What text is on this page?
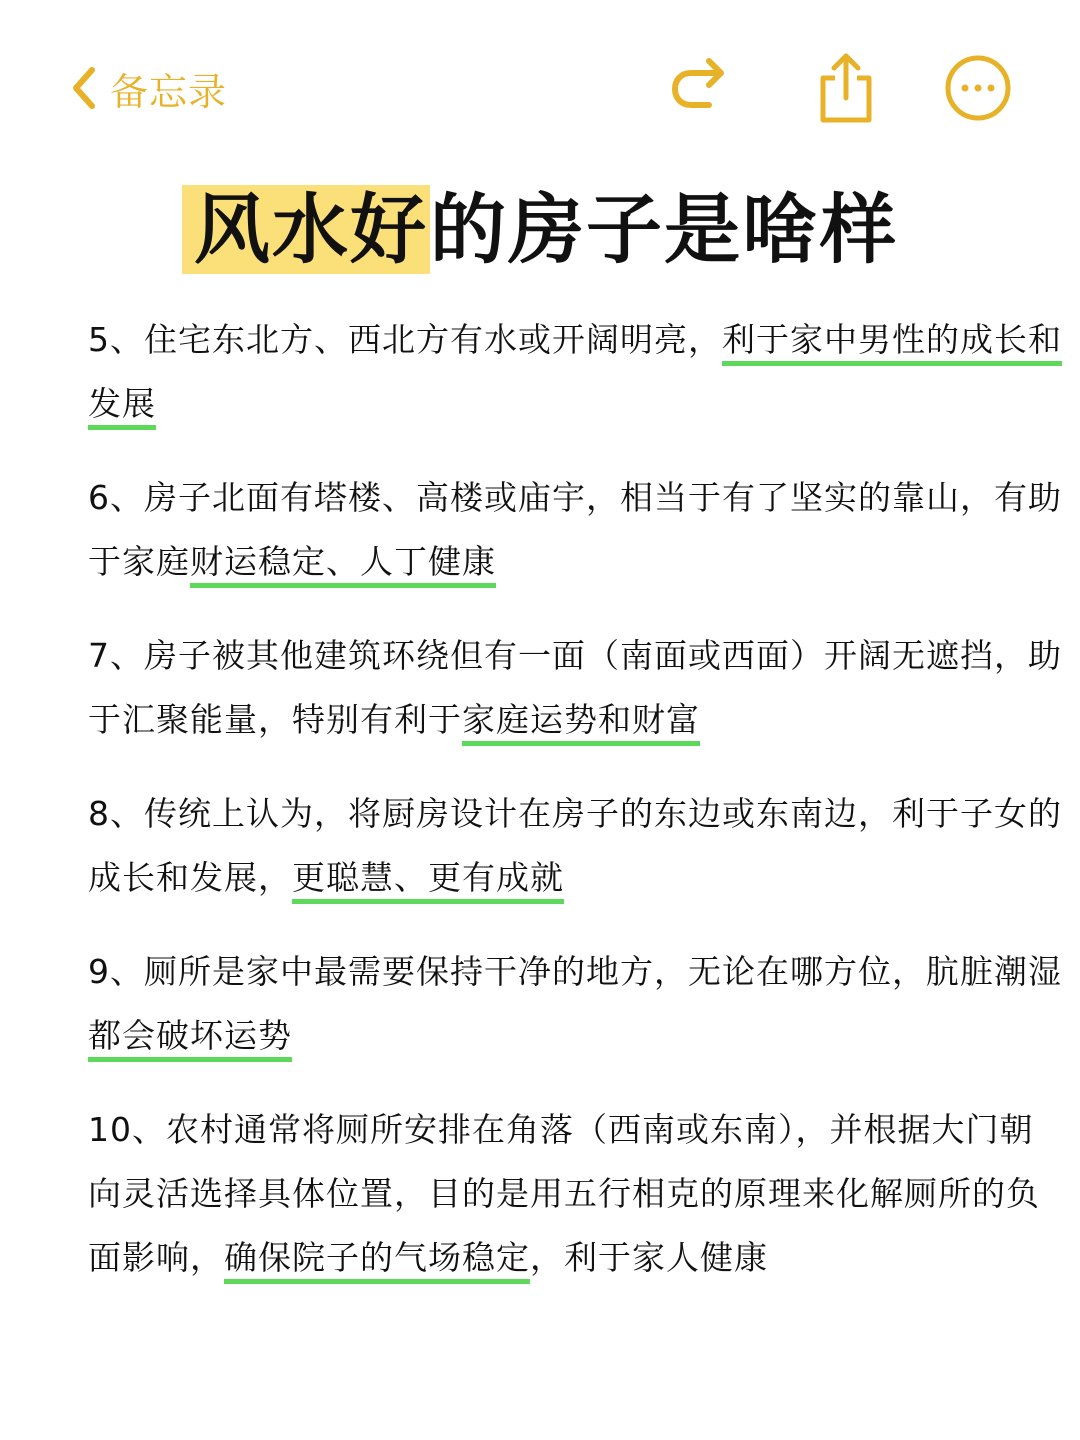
备忘录
风水好的房子是啥样

5、住宅东北方、西北方有水或开阔明亮，利于家中男性的成长和发展

6、房子北面有塔楼、高楼或庙宇，相当于有了坚实的靠山，有助于家庭财运稳定、人丁健康

7、房子被其他建筑环绕但有一面（南面或西面）开阔无遮挡，助于汇聚能量，特别有利于家庭运势和财富

8、传统上认为，将厨房设计在房子的东边或东南边，利于子女的成长和发展，更聪慧、更有成就

9、厕所是家中最需要保持干净的地方，无论在哪方位，肮脏潮湿都会破坏运势

10、农村通常将厕所安排在角落（西南或东南），并根据大门朝向灵活选择具体位置，目的是用五行相克的原理来化解厕所的负面影响，确保院子的气场稳定，利于家人健康
